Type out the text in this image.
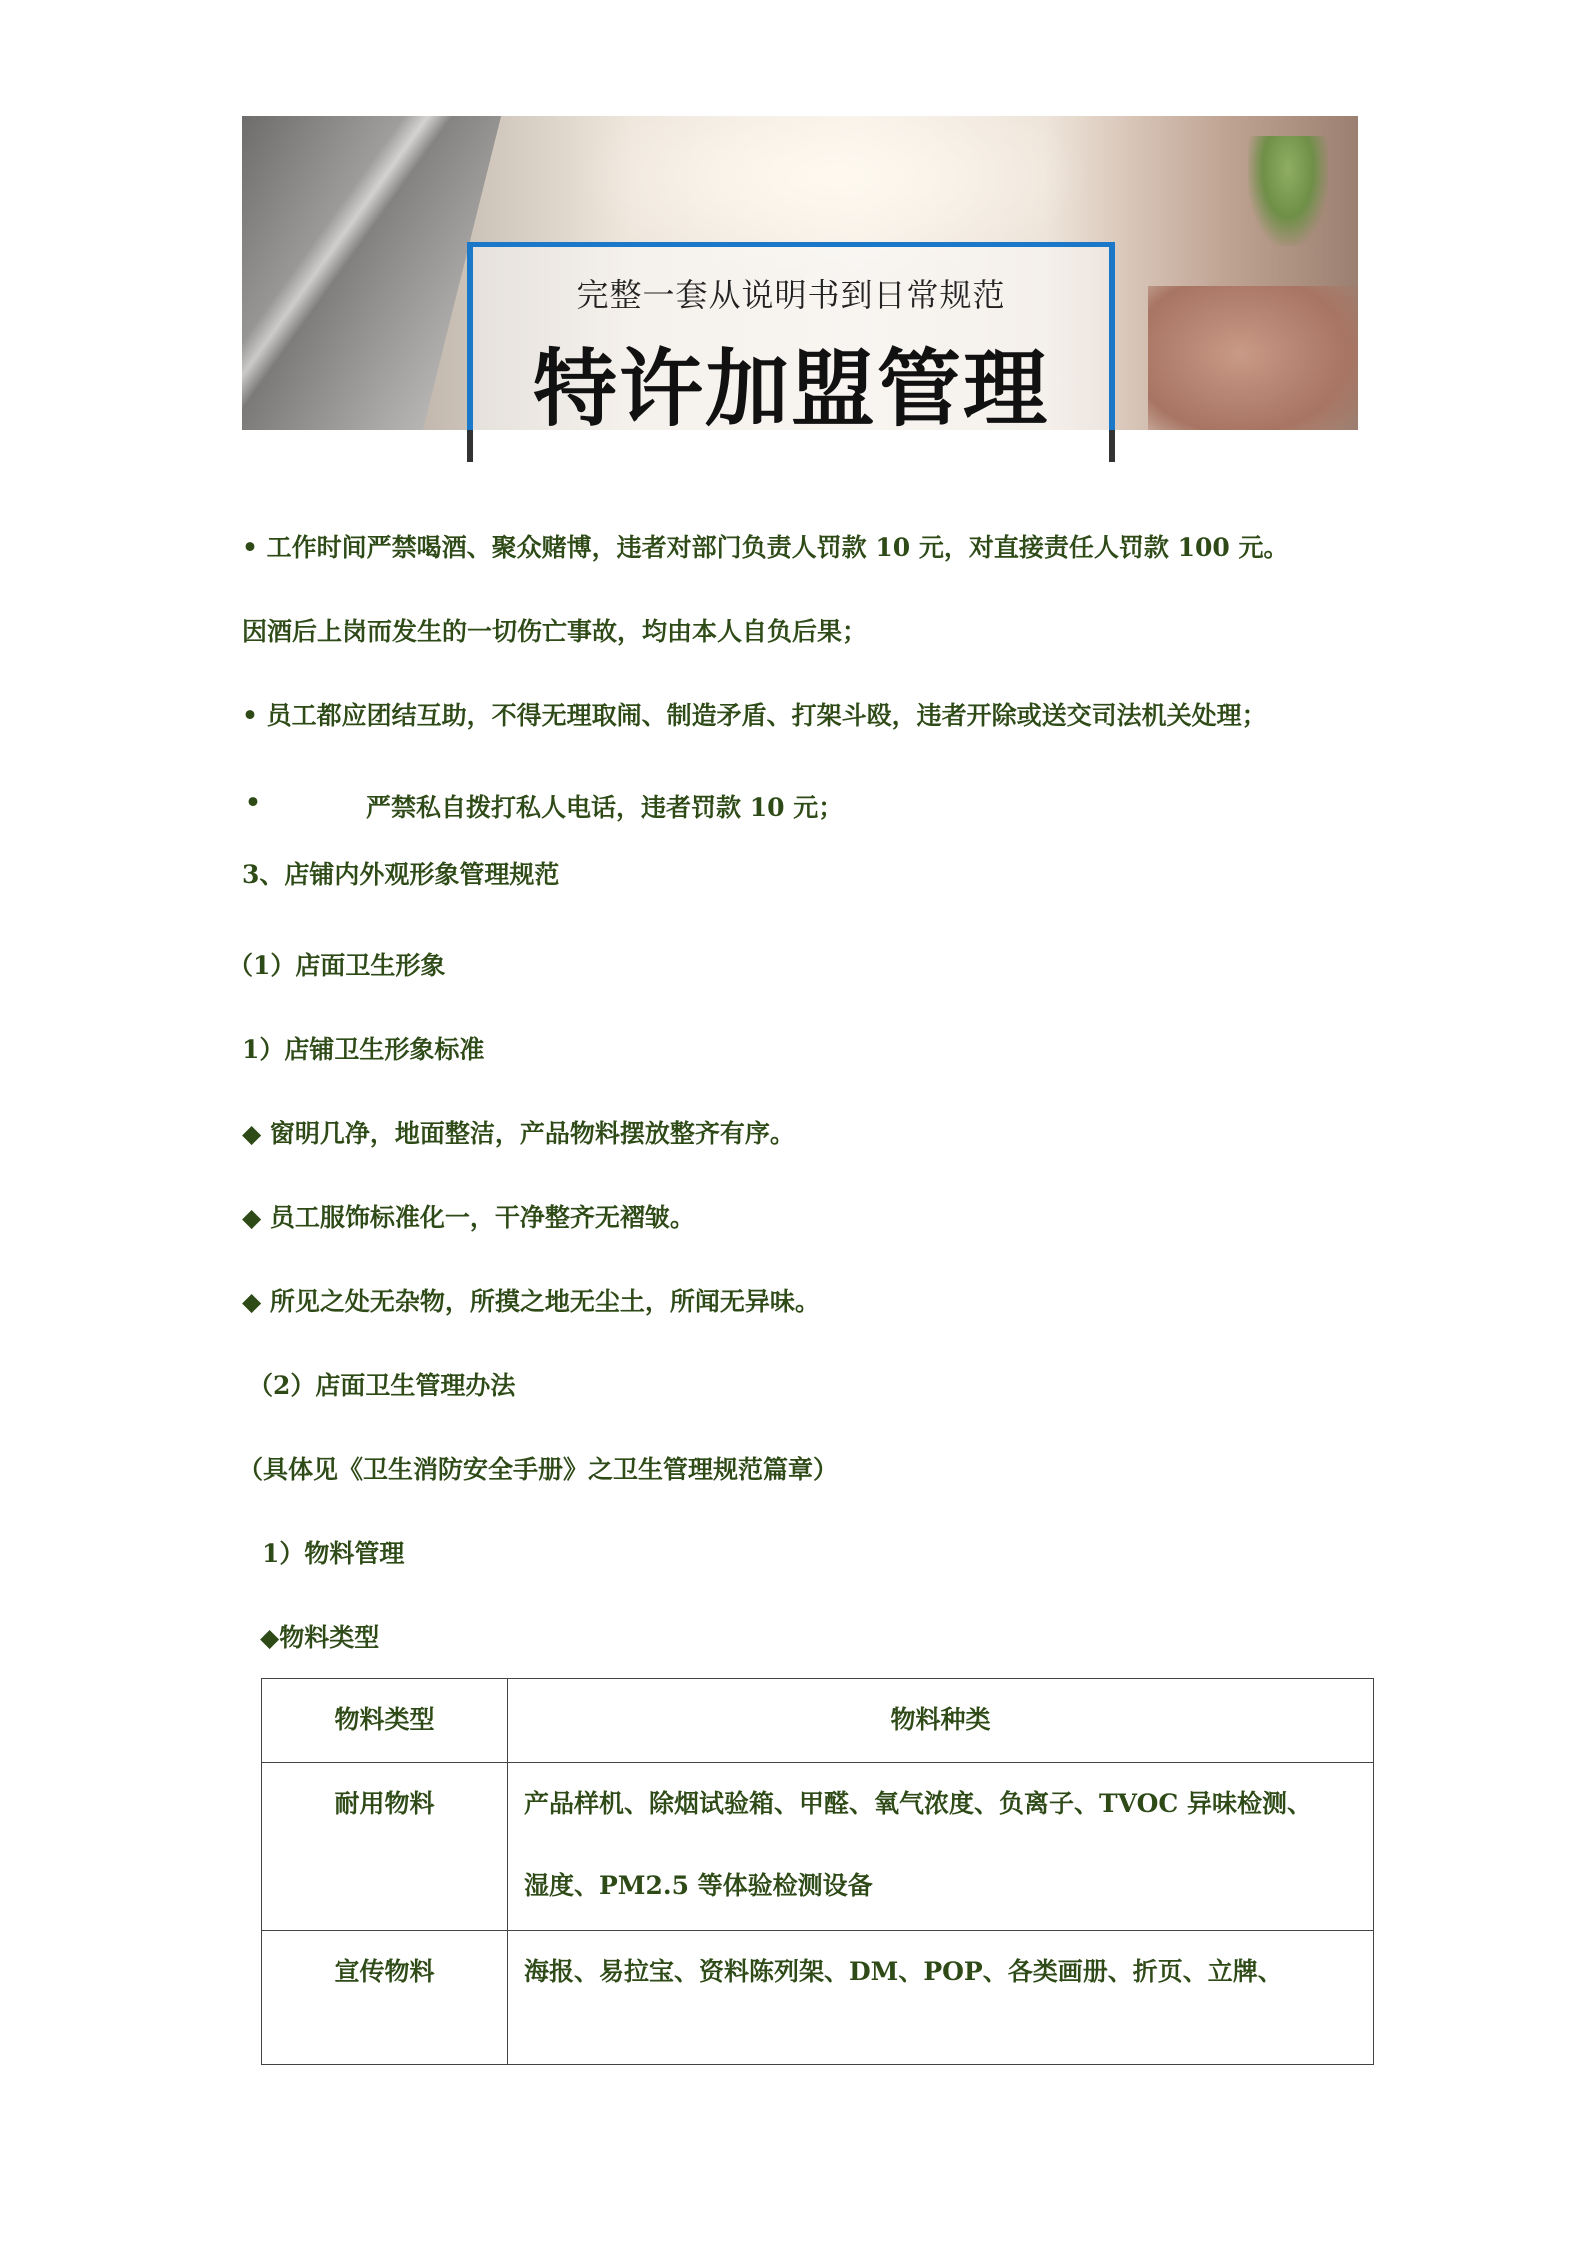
完整一套从说明书到日常规范
特许加盟管理

• 工作时间严禁喝酒、聚众赌博，违者对部门负责人罚款 10 元，对直接责任人罚款 100 元。

因酒后上岗而发生的一切伤亡事故，均由本人自负后果；

• 员工都应团结互助，不得无理取闹、制造矛盾、打架斗殴，违者开除或送交司法机关处理；

•	严禁私自拨打私人电话，违者罚款 10 元；

3、店铺内外观形象管理规范

（1）店面卫生形象

1）店铺卫生形象标准

◆ 窗明几净，地面整洁，产品物料摆放整齐有序。

◆ 员工服饰标准化一，干净整齐无褶皱。

◆ 所见之处无杂物，所摸之地无尘土，所闻无异味。

（2）店面卫生管理办法

（具体见《卫生消防安全手册》之卫生管理规范篇章）

1）物料管理

◆物料类型

物料类型	物料种类

耐用物料	产品样机、除烟试验箱、甲醛、氧气浓度、负离子、TVOC 异味检测、
湿度、PM2.5 等体验检测设备

宣传物料	海报、易拉宝、资料陈列架、DM、POP、各类画册、折页、立牌、
